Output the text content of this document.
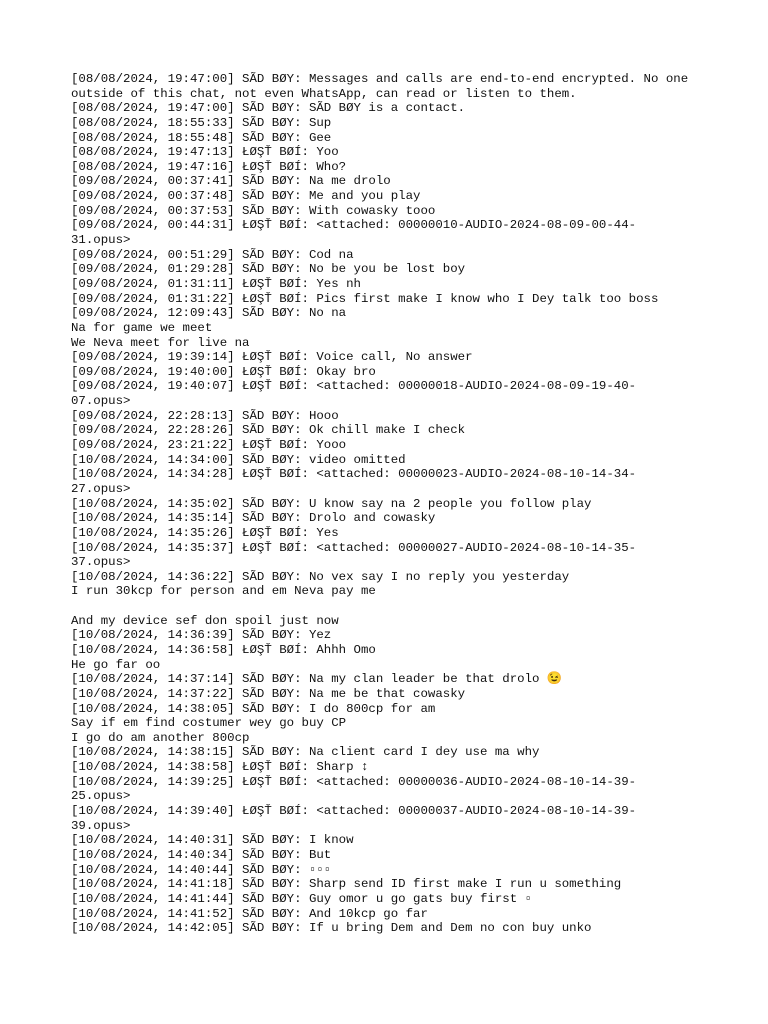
[08/08/2024, 19:47:00] SÃD BØY: Messages and calls are end-to-end encrypted. No one
outside of this chat, not even WhatsApp, can read or listen to them.
[08/08/2024, 19:47:00] SÃD BØY: SÃD BØY is a contact.
[08/08/2024, 18:55:33] SÃD BØY: Sup
[08/08/2024, 18:55:48] SÃD BØY: Gee
[08/08/2024, 19:47:13] ŁØŞŤ BØÍ: Yoo
[08/08/2024, 19:47:16] ŁØŞŤ BØÍ: Who?
[09/08/2024, 00:37:41] SÃD BØY: Na me drolo
[09/08/2024, 00:37:48] SÃD BØY: Me and you play
[09/08/2024, 00:37:53] SÃD BØY: With cowasky tooo
[09/08/2024, 00:44:31] ŁØŞŤ BØÍ: <attached: 00000010-AUDIO-2024-08-09-00-44-
31.opus>
[09/08/2024, 00:51:29] SÃD BØY: Cod na
[09/08/2024, 01:29:28] SÃD BØY: No be you be lost boy
[09/08/2024, 01:31:11] ŁØŞŤ BØÍ: Yes nh
[09/08/2024, 01:31:22] ŁØŞŤ BØÍ: Pics first make I know who I Dey talk too boss
[09/08/2024, 12:09:43] SÃD BØY: No na
Na for game we meet
We Neva meet for live na
[09/08/2024, 19:39:14] ŁØŞŤ BØÍ: Voice call, No answer
[09/08/2024, 19:40:00] ŁØŞŤ BØÍ: Okay bro
[09/08/2024, 19:40:07] ŁØŞŤ BØÍ: <attached: 00000018-AUDIO-2024-08-09-19-40-
07.opus>
[09/08/2024, 22:28:13] SÃD BØY: Hooo
[09/08/2024, 22:28:26] SÃD BØY: Ok chill make I check
[09/08/2024, 23:21:22] ŁØŞŤ BØÍ: Yooo
[10/08/2024, 14:34:00] SÃD BØY: video omitted
[10/08/2024, 14:34:28] ŁØŞŤ BØÍ: <attached: 00000023-AUDIO-2024-08-10-14-34-
27.opus>
[10/08/2024, 14:35:02] SÃD BØY: U know say na 2 people you follow play
[10/08/2024, 14:35:14] SÃD BØY: Drolo and cowasky
[10/08/2024, 14:35:26] ŁØŞŤ BØÍ: Yes
[10/08/2024, 14:35:37] ŁØŞŤ BØÍ: <attached: 00000027-AUDIO-2024-08-10-14-35-
37.opus>
[10/08/2024, 14:36:22] SÃD BØY: No vex say I no reply you yesterday
I run 30kcp for person and em Neva pay me
And my device sef don spoil just now
[10/08/2024, 14:36:39] SÃD BØY: Yez
[10/08/2024, 14:36:58] ŁØŞŤ BØÍ: Ahhh Omo
He go far oo
[10/08/2024, 14:37:14] SÃD BØY: Na my clan leader be that drolo 😉
[10/08/2024, 14:37:22] SÃD BØY: Na me be that cowasky
[10/08/2024, 14:38:05] SÃD BØY: I do 800cp for am
Say if em find costumer wey go buy CP
I go do am another 800cp
[10/08/2024, 14:38:15] SÃD BØY: Na client card I dey use ma why
[10/08/2024, 14:38:58] ŁØŞŤ BØÍ: Sharp ↕
[10/08/2024, 14:39:25] ŁØŞŤ BØÍ: <attached: 00000036-AUDIO-2024-08-10-14-39-
25.opus>
[10/08/2024, 14:39:40] ŁØŞŤ BØÍ: <attached: 00000037-AUDIO-2024-08-10-14-39-
39.opus>
[10/08/2024, 14:40:31] SÃD BØY: I know
[10/08/2024, 14:40:34] SÃD BØY: But
[10/08/2024, 14:40:44] SÃD BØY: ▫▫▫
[10/08/2024, 14:41:18] SÃD BØY: Sharp send ID first make I run u something
[10/08/2024, 14:41:44] SÃD BØY: Guy omor u go gats buy first ▫
[10/08/2024, 14:41:52] SÃD BØY: And 10kcp go far
[10/08/2024, 14:42:05] SÃD BØY: If u bring Dem and Dem no con buy unko
